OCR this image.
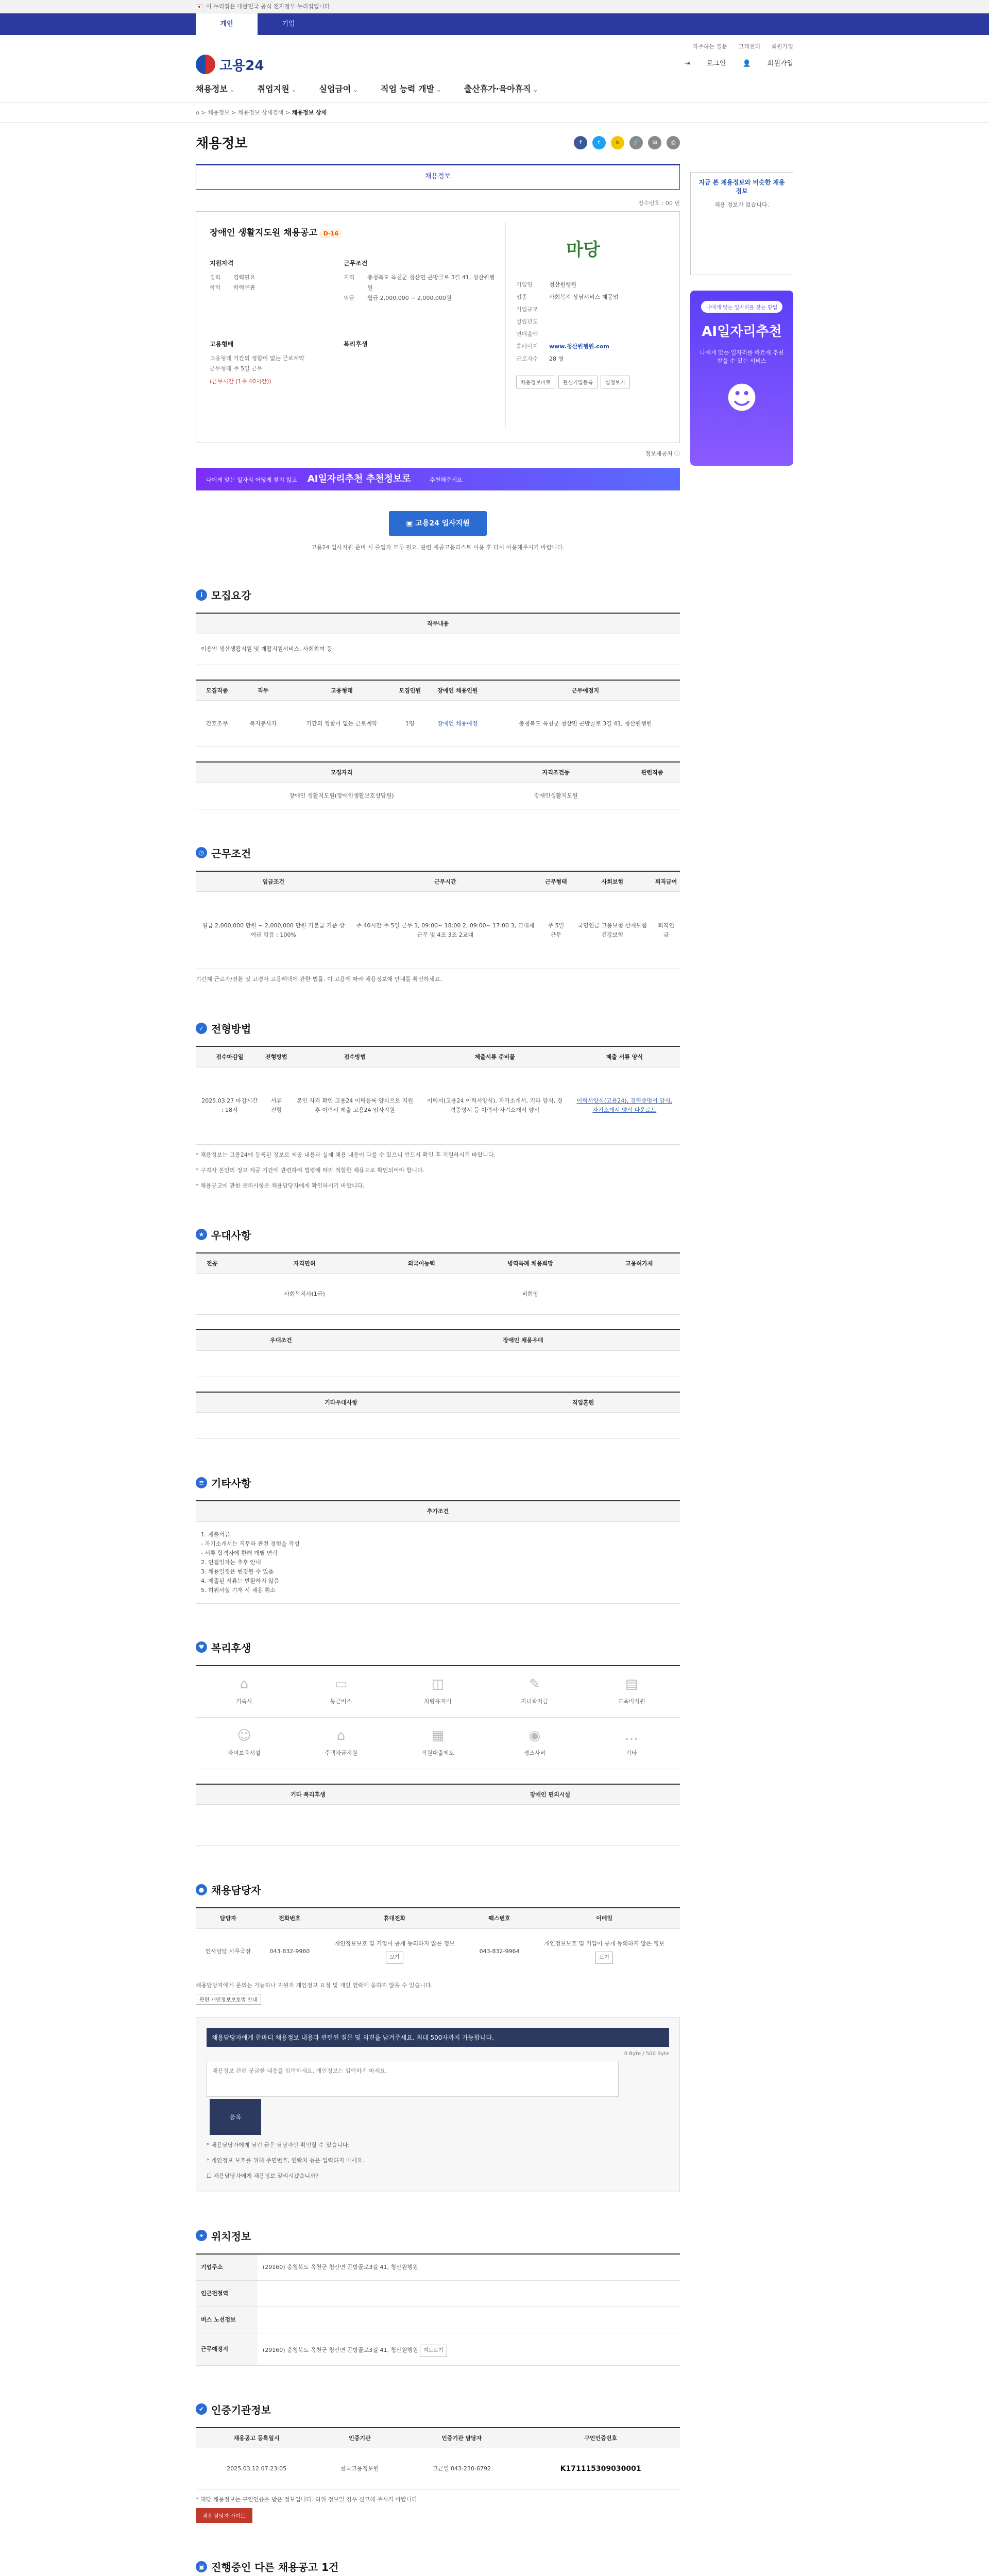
이 누리집은 대한민국 공식 전자정부 누리집입니다.
개인	기업
자주하는 질문 고객센터 회원가입
고용24	⇥ 로그인 👤 회원가입
채용정보 ⌄	취업지원 ⌄	실업급여 ⌄	직업 능력 개발 ⌄	출산휴가·육아휴직 ⌄
⌂ > 채용정보 > 채용정보 상세검색 > 채용정보 상세
채용정보	f	t	k	🔗	✉	⎙
채용정보
접수번호 : 00 번
장애인 생활지도원 채용공고 D-16
지원자격
경력	경력필요
학력	학력무관
근무조건
지역	충청북도 옥천군 청산면 곤방골로 3길 41, 청산원행원
임금	월급 2,000,000 ~ 2,000,000원
고용형태
고용형태 기간의 정함이 없는 근로계약
근무형태 주 5일 근무
(근무시간 (1주 40시간))
복리후생
마당
기업명	청산원행원
업종	사회복지 상담서비스 제공업
기업규모
설립년도
연매출액
홈페이지	www.청산원행원.com
근로자수	28 명
채용정보바로	관심기업등록	설정보기
정보제공처 ⓘ
나에게 맞는 일자리 어떻게 찾지 않고 AI일자리추천 추천정보로	추천해주세요
▣ 고용24 입사지원
고용24 입사지원 준비 시 졸업자 모두 필요. 관련 제공고용리스트 이용 후 다시 이용해주시기 바랍니다.
i 모집요강
직무내용
이용인 생산생활지원 및 재활지원서비스, 사회참여 등
모집직종	직무	고용형태	모집인원	장애인 채용인원	근무예정지
간호조무	복지봉사자	기간의 정함이 없는 근로계약	1명	장애인 채용예정	충청북도 옥천군 청산면 곤방골로 3길 41, 청산원행원
모집자격	자격조건등	관련직종
장애인 생활지도원(장애인생활보호상담원)	장애인생활지도원	
◷ 근무조건
임금조건	근무시간	근무형태	사회보험	퇴직급여
월급 2,000,000 만원 ~ 2,000,000 만원 기본급 기준 상여급 없음 : 100%	주 40시간 주 5일 근무 1, 09:00~ 18:00 2, 09:00~ 17:00 3, 교대제 근무 및 4조 3조 2교대	주 5일 근무	국민연금 고용보험 산재보험 건강보험	퇴직연금
기간제 근로자/전환 및 고령자 고용혜택에 관한 법률. 이 고용에 따라 채용정보에 안내를 확인하세요.
✓ 전형방법
접수마감일	전형방법	접수방법	제출서류 준비물	제출 서류 양식
2025.03.27 마감시간 : 18시	서류전형	본인 자격 확인 고용24 이력등록 양식으로 지원 후 이력서 제출 고용24 입사지원	이력서(고용24 이력서양식), 자기소개서, 기타 양식, 경력증명서 등 이력서·자기소개서 양식	이력서양식(고용24), 경력증명서 양식, 자기소개서 양식 다운로드
* 채용정보는 고용24에 등록된 정보로 제공 내용과 실제 채용 내용이 다를 수 있으니 반드시 확인 후 지원하시기 바랍니다.
* 구직자 본인의 정보 제공 기간에 관련하여 법령에 따라 적합한 채용으로 확인되어야 합니다.
* 채용공고에 관한 문의사항은 채용담당자에게 확인하시기 바랍니다.
★ 우대사항
전공	자격면허	외국어능력	병역특례 채용희망	고용허가제
	사회복지사(1급)		비희망	
우대조건	장애인 채용우대

기타우대사항	직업훈련

≡ 기타사항
추가조건

1. 제출서류
- 자기소개서는 직무와 관련 경험을 작성
- 서류 합격자에 한해 개별 연락
2. 면접일자는 추후 안내
3. 채용일정은 변경될 수 있음
4. 제출된 서류는 반환하지 않음
5. 허위사실 기재 시 채용 취소
♥ 복리후생
⌂
기숙사
▭
통근버스
◫
차량유지비
✎
자녀학자금
▤
교육비지원
☺
자녀보육시설
⌂
주택자금지원
▦
직원대출제도
◉
경조사비
…
기타
기타 복리후생	장애인 편의시설

● 채용담당자
담당자	전화번호	휴대전화	팩스번호	이메일
인사담당 사무국장	043-832-9960	개인정보보호 및 기업이 공개 동의하지 않은 정보
보기	043-832-9964	개인정보보호 및 기업이 공개 동의하지 않은 정보
보기
채용담당자에게 문의는 가능하나 지원자 개인정보 요청 및 개인 연락에 응하지 않을 수 있습니다.
관련 개인정보보호법 안내
채용담당자에게 한마디 채용정보 내용과 관련된 질문 및 의견을 남겨주세요. 최대 500자까지 가능합니다.
0 Byte / 500 Byte
채용정보 관련 궁금한 내용을 입력하세요. 개인정보는 입력하지 마세요.등록
* 채용담당자에게 남긴 글은 담당자만 확인할 수 있습니다.
* 개인정보 보호를 위해 주민번호, 연락처 등은 입력하지 마세요.
☐ 채용담당자에게 채용정보 알리시겠습니까?
⌖ 위치정보
기업주소	(29160) 충청북도 옥천군 청산면 곤방골로3길 41, 청산원행원
인근전철역	
버스 노선정보	
근무예정지	(29160) 충청북도 옥천군 청산면 곤방골로3길 41, 청산원행원 지도보기
✔ 인증기관정보
채용공고 등록일시	인증기관	인증기관 담당자	구인인증번호
2025.03.12 07:23:05	한국고용정보원	고근일 043-230-6792	K171115309030001
* 해당 채용정보는 구인인증을 받은 정보입니다. 허위 정보일 경우 신고해 주시기 바랍니다.
채용 담당자 사이트
▣ 진행중인 다른 채용공고 1건

지금 본 채용정보와 비슷한 채용정보
채용 정보가 없습니다.
나에게 맞는 일자리를 찾는 방법
AI일자리추천
나에게 맞는 일자리를 빠르게 추천받을 수 있는 서비스
☻
